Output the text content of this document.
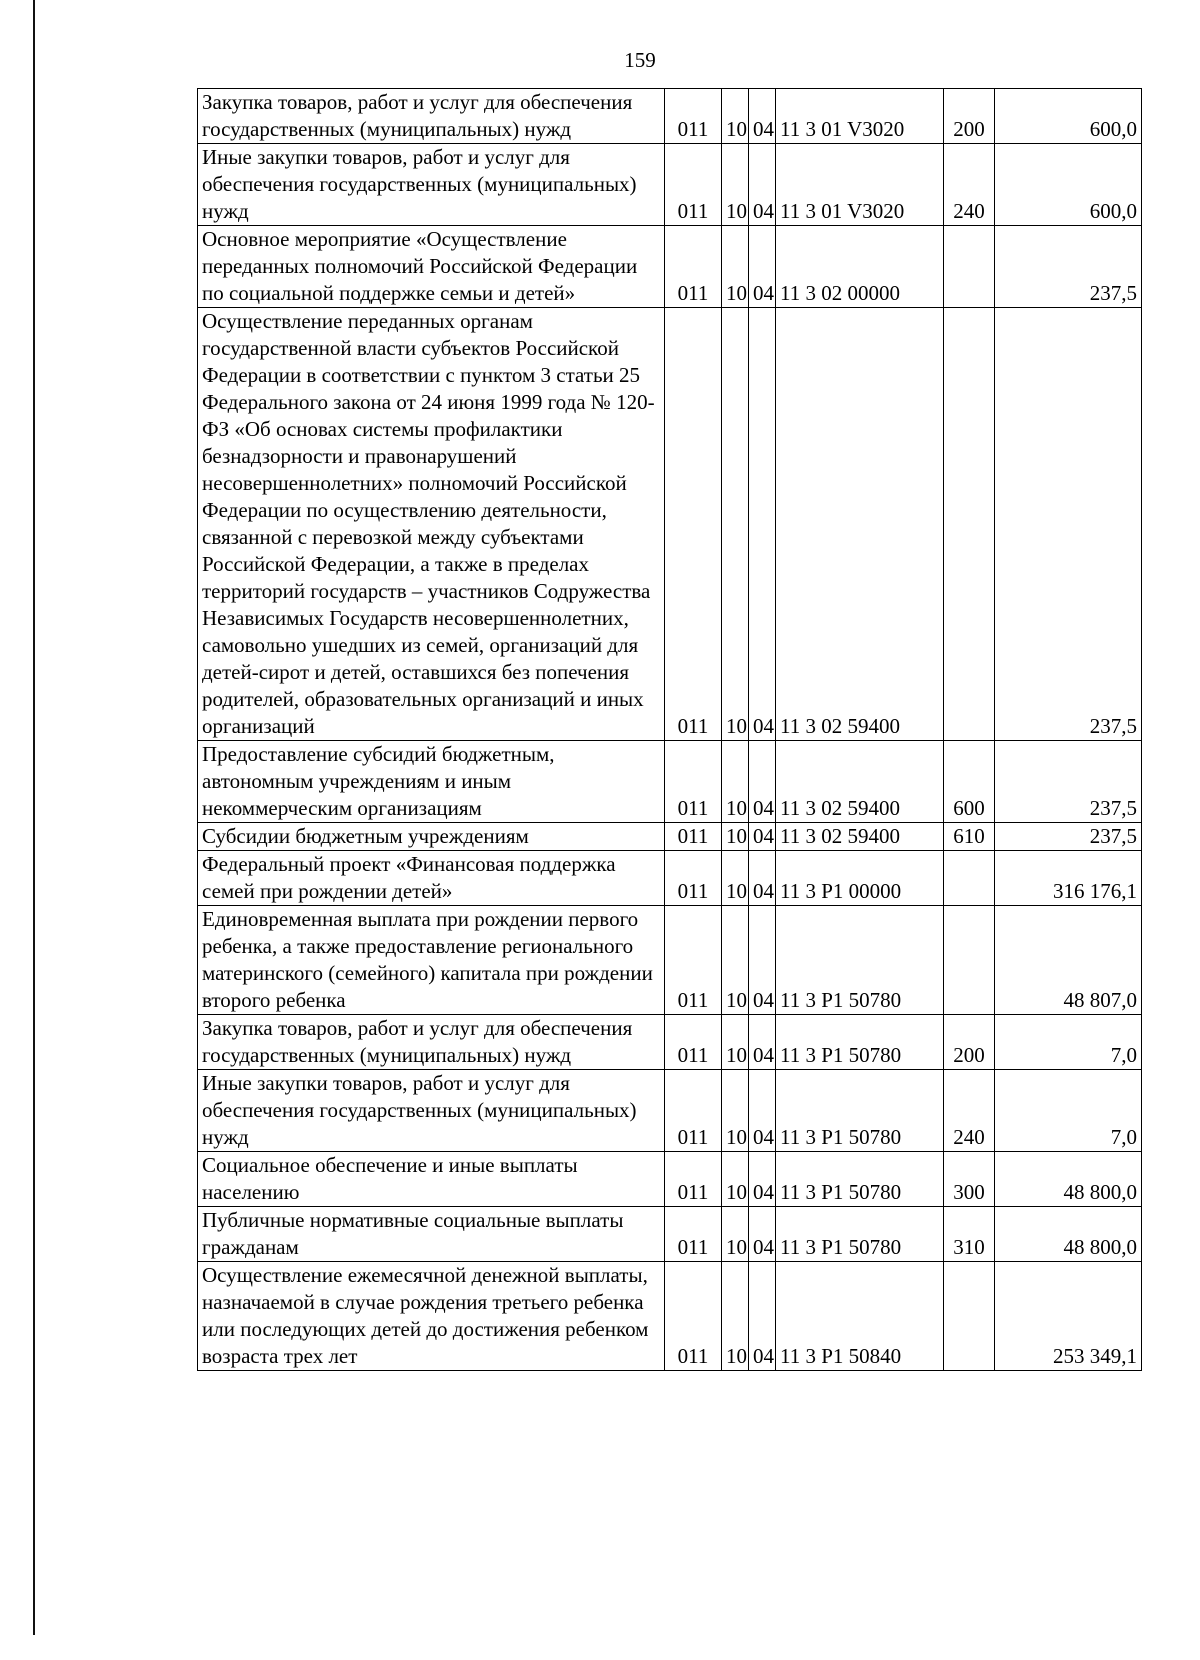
159
Закупка товаров, работ и услуг для обеспечения государственных (муниципальных) нужд	011	10	04	11 3 01 V3020	200	600,0
Иные закупки товаров, работ и услуг для обеспечения государственных (муниципальных) нужд	011	10	04	11 3 01 V3020	240	600,0
Основное мероприятие «Осуществление переданных полномочий Российской Федерации по социальной поддержке семьи и детей»	011	10	04	11 3 02 00000		237,5
Осуществление переданных органам государственной власти субъектов Российской Федерации в соответствии с пунктом 3 статьи 25 Федерального закона от 24 июня 1999 года № 120-ФЗ «Об основах системы профилактики безнадзорности и правонарушений несовершеннолетних» полномочий Российской Федерации по осуществлению деятельности, связанной с перевозкой между субъектами Российской Федерации, а также в пределах территорий государств – участников Содружества Независимых Государств несовершеннолетних, самовольно ушедших из семей, организаций для детей-сирот и детей, оставшихся без попечения родителей, образовательных организаций и иных организаций	011	10	04	11 3 02 59400		237,5
Предоставление субсидий бюджетным, автономным учреждениям и иным некоммерческим организациям	011	10	04	11 3 02 59400	600	237,5
Субсидии бюджетным учреждениям	011	10	04	11 3 02 59400	610	237,5
Федеральный проект «Финансовая поддержка семей при рождении детей»	011	10	04	11 3 Р1 00000		316 176,1
Единовременная выплата при рождении первого ребенка, а также предоставление регионального материнского (семейного) капитала при рождении второго ребенка	011	10	04	11 3 Р1 50780		48 807,0
Закупка товаров, работ и услуг для обеспечения государственных (муниципальных) нужд	011	10	04	11 3 Р1 50780	200	7,0
Иные закупки товаров, работ и услуг для обеспечения государственных (муниципальных) нужд	011	10	04	11 3 Р1 50780	240	7,0
Социальное обеспечение и иные выплаты населению	011	10	04	11 3 Р1 50780	300	48 800,0
Публичные нормативные социальные выплаты гражданам	011	10	04	11 3 Р1 50780	310	48 800,0
Осуществление ежемесячной денежной выплаты, назначаемой в случае рождения третьего ребенка или последующих детей до достижения ребенком возраста трех лет	011	10	04	11 3 Р1 50840		253 349,1
